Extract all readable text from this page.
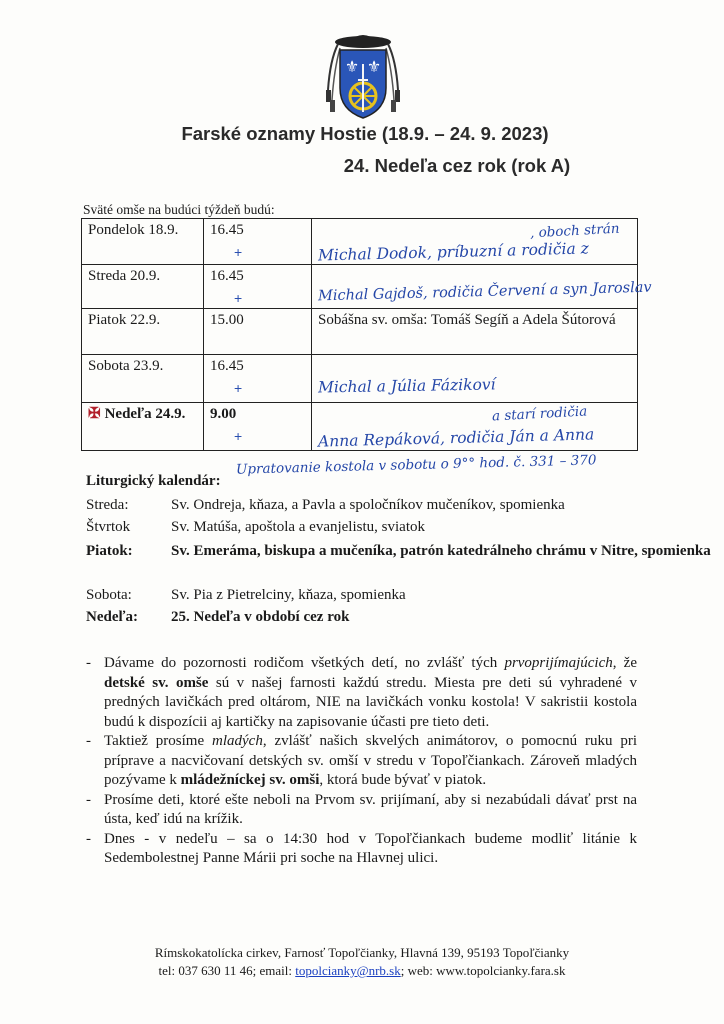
⚜ ⚜
Farské oznamy Hostie (18.9. – 24. 9. 2023)
24. Nedeľa cez rok (rok A)
Sväté omše na budúci týždeň budú:
Pondelok 18.9.	16.45
+	Michal Dodok, príbuzní a rodičia z
, oboch strán

Streda 20.9.	16.45
+	Michal Gajdoš, rodičia Červení a syn Jaroslav

Piatok 22.9.	15.00	Sobášna sv. omša: Tomáš Segíň a Adela Šútorová
Sobota 23.9.	16.45
+	Michal a Júlia Fázikoví

✠ Nedeľa 24.9.	9.00
+	Anna Repáková, rodičia Ján a Anna
a starí rodičia
Upratovanie kostola v sobotu o 9°° hod. č. 331 – 370
Liturgický kalendár:
Streda:	Sv. Ondreja, kňaza, a Pavla a spoločníkov mučeníkov, spomienka
Štvrtok	Sv. Matúša, apoštola a evanjelistu, sviatok
Piatok:	Sv. Emeráma, biskupa a mučeníka, patrón katedrálneho chrámu v Nitre, spomienka
Sobota:	Sv. Pia z Pietrelciny, kňaza, spomienka
Nedeľa:	25. Nedeľa v období cez rok
- Dávame do pozornosti rodičom všetkých detí, no zvlášť tých prvoprijímajúcich, že detské sv. omše sú v našej farnosti každú stredu. Miesta pre deti sú vyhradené v predných lavičkách pred oltárom, NIE na lavičkách vonku kostola! V sakristii kostola budú k dispozícii aj kartičky na zapisovanie účasti pre tieto deti.
- Taktiež prosíme mladých, zvlášť našich skvelých animátorov, o pomocnú ruku pri príprave a nacvičovaní detských sv. omší v stredu v Topoľčiankach. Zároveň mladých pozývame k mládežníckej sv. omši, ktorá bude bývať v piatok.
- Prosíme deti, ktoré ešte neboli na Prvom sv. prijímaní, aby si nezabúdali dávať prst na ústa, keď idú na krížik.
- Dnes - v nedeľu – sa o 14:30 hod v Topoľčiankach budeme modliť litánie k Sedembolestnej Panne Márii pri soche na Hlavnej ulici.
Rímskokatolícka cirkev, Farnosť Topoľčianky, Hlavná 139, 95193 Topoľčianky
tel: 037 630 11 46; email: topolcianky@nrb.sk; web: www.topolcianky.fara.sk
